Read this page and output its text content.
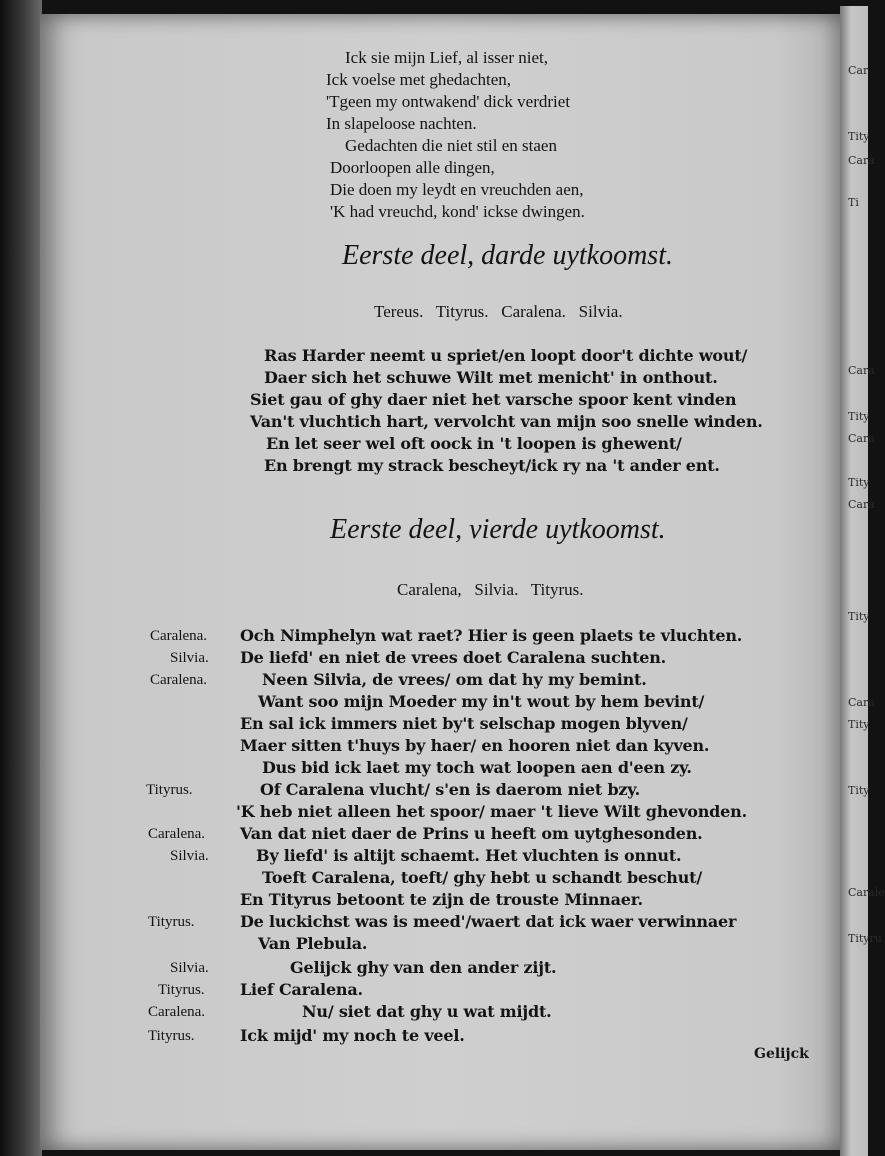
Ick sie mijn Lief, al isser niet,
Ick voelse met ghedachten,
'Tgeen my ontwakend' dick verdriet
In slapeloose nachten.
Gedachten die niet stil en staen
Doorloopen alle dingen,
Die doen my leydt en vreuchden aen,
'K had vreuchd, kond' ickse dwingen.
Eerste deel, darde uytkoomst.
Tereus.   Tityrus.   Caralena.   Silvia.
Ras Harder neemt u spriet/en loopt door't dichte wout/
Daer sich het schuwe Wilt met menicht' in onthout.
Siet gau of ghy daer niet het varsche spoor kent vinden
Van't vluchtich hart, vervolcht van mijn soo snelle winden.
En let seer wel oft oock in 't loopen is ghewent/
En brengt my strack bescheyt/ick ry na 't ander ent.
Eerste deel, vierde uytkoomst.
Caralena,   Silvia.   Tityrus.
Caralena. Och Nimphelyn wat raet? Hier is geen plaets te vluchten.
Silvia. De liefd' en niet de vrees doet Caralena suchten.
Caralena.	Neen Silvia, de vrees/ om dat hy my bemint.
Want soo mijn Moeder my in't wout by hem bevint/
En sal ick immers niet by't selschap mogen blyven/
Maer sitten t'huys by haer/ en hooren niet dan kyven.
Dus bid ick laet my toch wat loopen aen d'een zy.
Tityrus.	Of Caralena vlucht/ s'en is daerom niet bzy.
'K heb niet alleen het spoor/ maer 't lieve Wilt ghevonden.
Caralena. Van dat niet daer de Prins u heeft om uytghesonden.
Silvia.	By liefd' is altijt schaemt. Het vluchten is onnut.
Toeft Caralena, toeft/ ghy hebt u schandt beschut/
En Tityrus betoont te zijn de trouste Minnaer.
Tityrus.	De luckichst was is meed'/waert dat ick waer verwinnaer
Van Plebula.
Silvia.	Gelijck ghy van den ander zijt.
Tityrus. Lief Caralena.
Caralena.	Nu/ siet dat ghy u wat mijdt.
Tityrus.	Ick mijd' my noch te veel.
Gelijck
Car
Tity
Cara
Ti
Cara
Tity
Cara
Tity
Cara
Tity
Cara
Tity
Tity
Carale
Tityru
